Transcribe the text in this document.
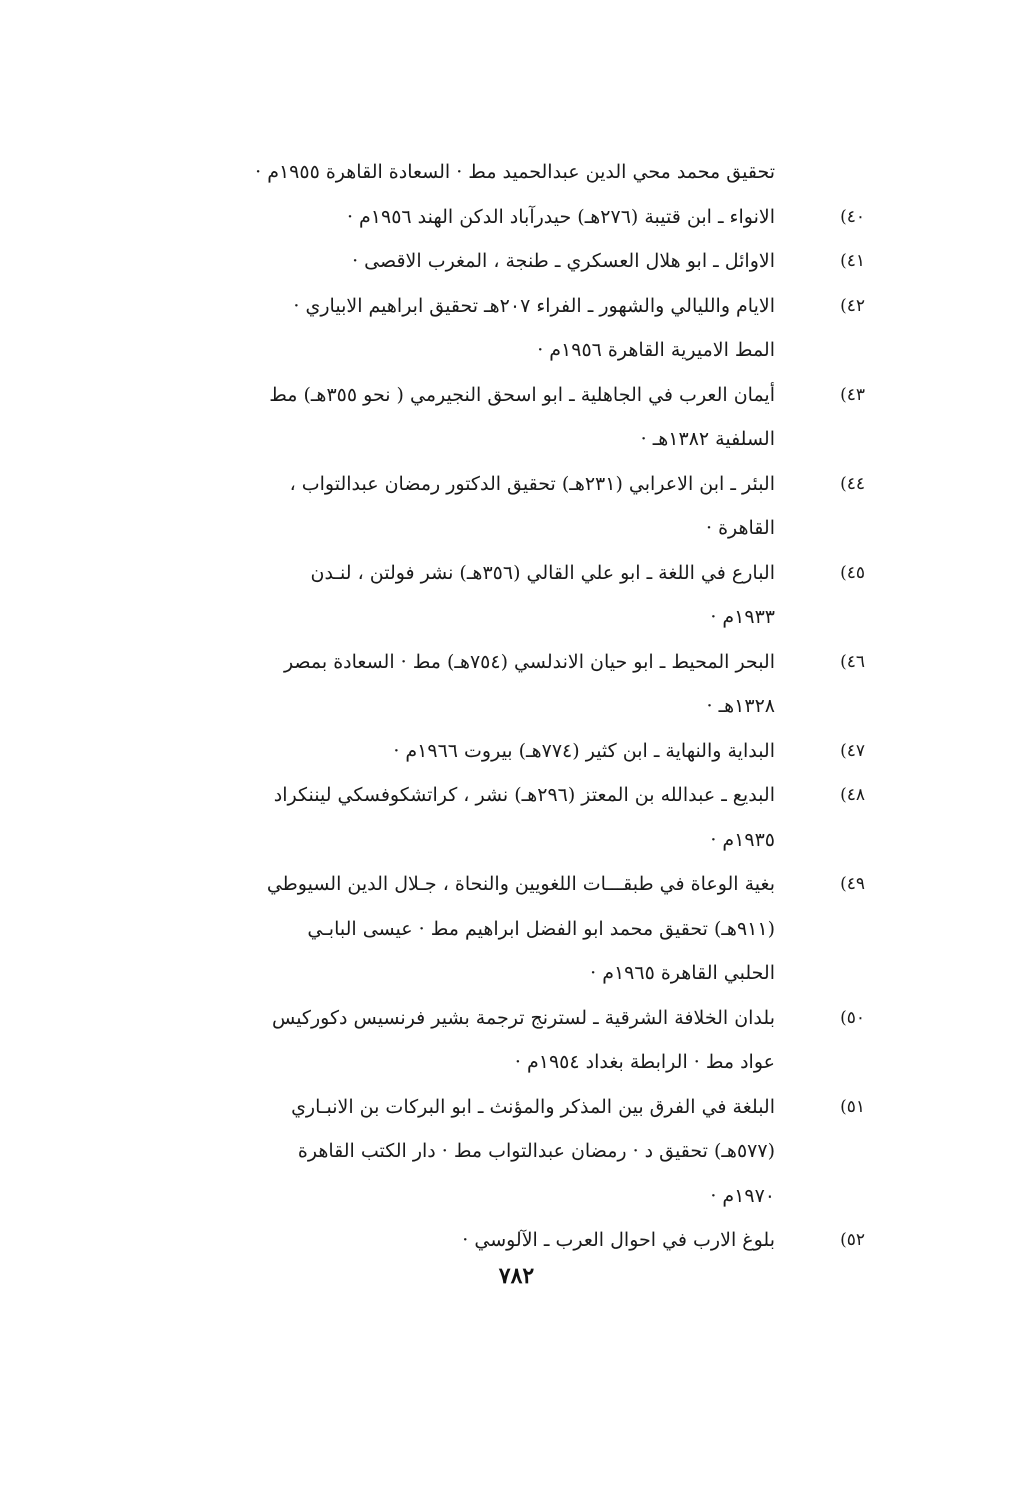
تحقيق محمد محي الدين عبدالحميد مط · السعادة القاهرة ١٩٥٥م ·
٤٠)
الانواء ـ ابن قتيبة (٢٧٦هـ) حيدرآباد الدكن الهند ١٩٥٦م ·
٤١)
الاوائل ـ ابو هلال العسكري ـ طنجة ، المغرب الاقصى ·
٤٢)
الايام والليالي والشهور ـ الفراء ٢٠٧هـ تحقيق ابراهيم الابياري ·
المط الاميرية القاهرة ١٩٥٦م ·
٤٣)
أيمان العرب في الجاهلية ـ ابو اسحق النجيرمي ( نحو ٣٥٥هـ) مط
السلفية ١٣٨٢هـ ·
٤٤)
البئر ـ ابن الاعرابي (٢٣١هـ) تحقيق الدكتور رمضان عبدالتواب ،
القاهرة ·
٤٥)
البارع في اللغة ـ ابو علي القالي (٣٥٦هـ) نشر فولتن ، لنـدن
١٩٣٣م ·
٤٦)
البحر المحيط ـ ابو حيان الاندلسي (٧٥٤هـ) مط · السعادة بمصر
١٣٢٨هـ ·
٤٧)
البداية والنهاية ـ ابن كثير (٧٧٤هـ) بيروت ١٩٦٦م ·
٤٨)
البديع ـ عبدالله بن المعتز (٢٩٦هـ) نشر ، كراتشكوفسكي ليننكراد
١٩٣٥م ·
٤٩)
بغية الوعاة في طبقـــات اللغويين والنحاة ، جـلال الدين السيوطي
(٩١١هـ) تحقيق محمد ابو الفضل ابراهيم مط · عيسى البابـي
الحلبي القاهرة ١٩٦٥م ·
٥٠)
بلدان الخلافة الشرقية ـ لسترنج ترجمة بشير فرنسيس دكوركيس
عواد مط · الرابطة بغداد ١٩٥٤م ·
٥١)
البلغة في الفرق بين المذكر والمؤنث ـ ابو البركات بن الانبـاري
(٥٧٧هـ) تحقيق د · رمضان عبدالتواب مط · دار الكتب القاهرة
١٩٧٠م ·
٥٢)
بلوغ الارب في احوال العرب ـ الآلوسي ·
٧٨٢
